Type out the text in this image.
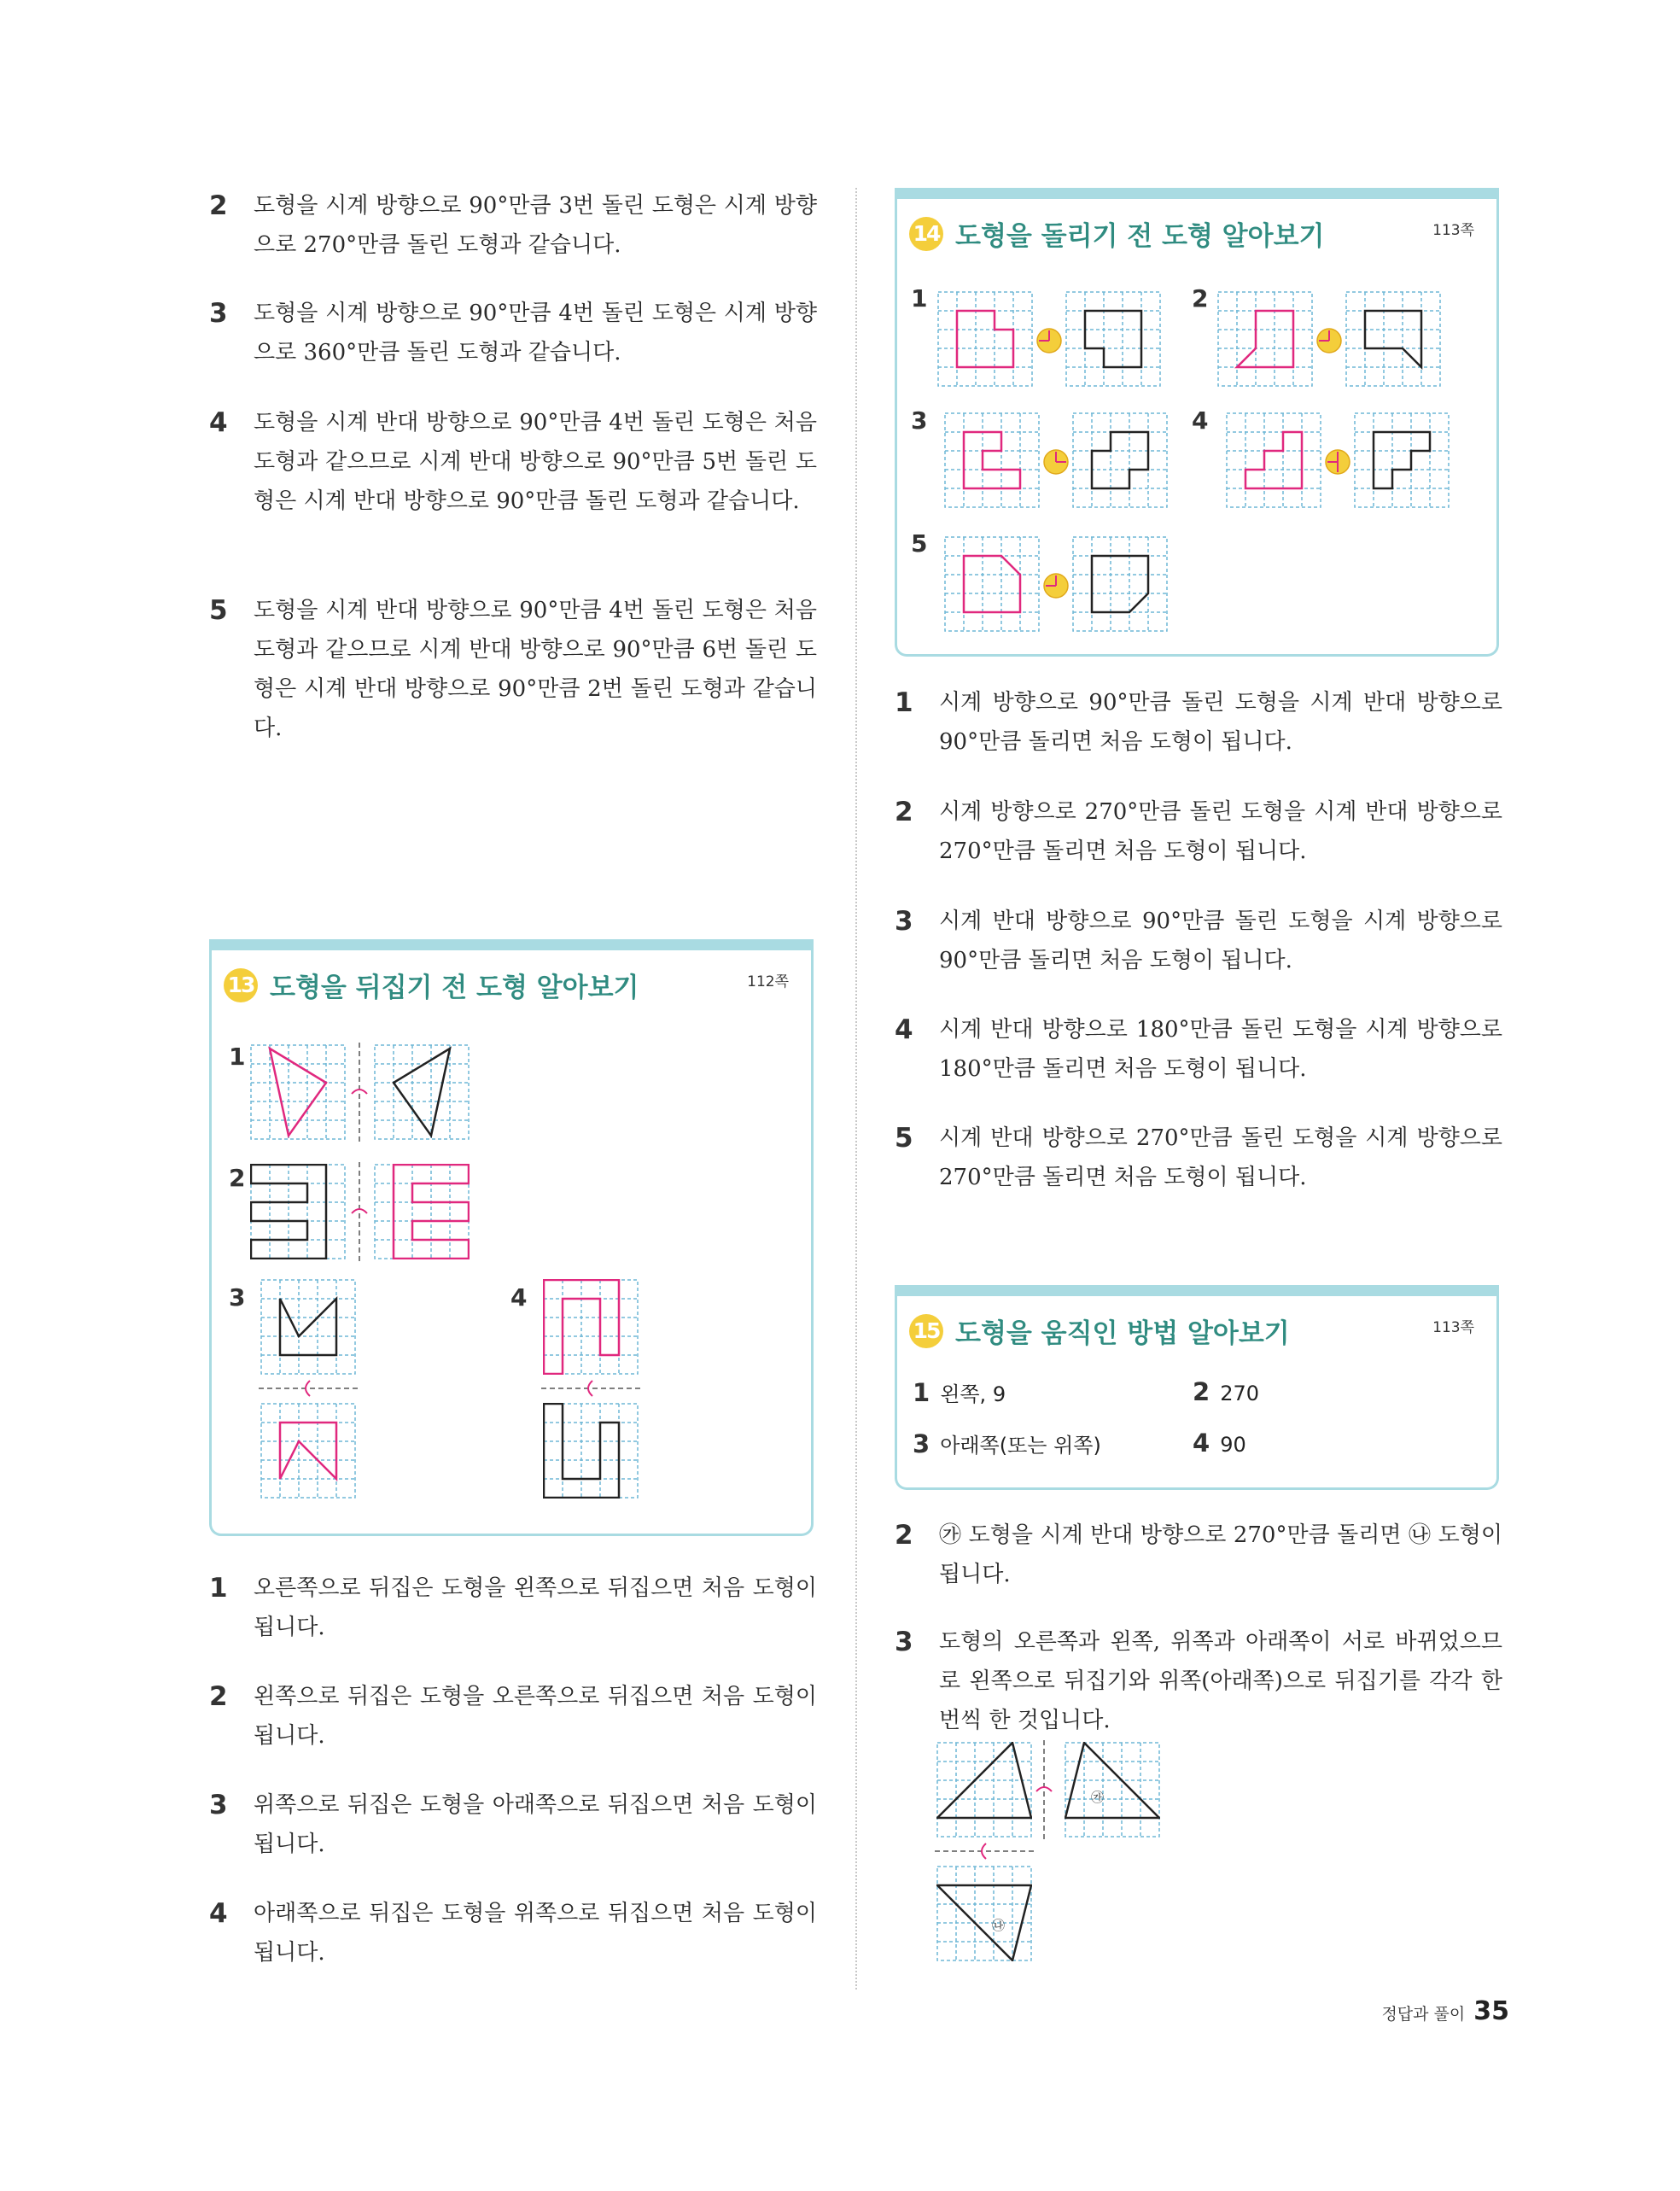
2 도형을 시계 방향으로 90°만큼 3번 돌린 도형은 시계 방향으로 270°만큼 돌린 도형과 같습니다.
3 도형을 시계 방향으로 90°만큼 4번 돌린 도형은 시계 방향으로 360°만큼 돌린 도형과 같습니다.
4 도형을 시계 반대 방향으로 90°만큼 4번 돌린 도형은 처음 도형과 같으므로 시계 반대 방향으로 90°만큼 5번 돌린 도형은 시계 반대 방향으로 90°만큼 돌린 도형과 같습니다.
5 도형을 시계 반대 방향으로 90°만큼 4번 돌린 도형은 처음 도형과 같으므로 시계 반대 방향으로 90°만큼 6번 돌린 도형은 시계 반대 방향으로 90°만큼 2번 돌린 도형과 같습니다.
1 오른쪽으로 뒤집은 도형을 왼쪽으로 뒤집으면 처음 도형이 됩니다.
2 왼쪽으로 뒤집은 도형을 오른쪽으로 뒤집으면 처음 도형이 됩니다.
3 위쪽으로 뒤집은 도형을 아래쪽으로 뒤집으면 처음 도형이 됩니다.
4 아래쪽으로 뒤집은 도형을 위쪽으로 뒤집으면 처음 도형이 됩니다.
13 도형을 뒤집기 전 도형 알아보기	112쪽
1
2
3	4
14 도형을 돌리기 전 도형 알아보기	113쪽
1	2
3	4
5
1 시계 방향으로 90°만큼 돌린 도형을 시계 반대 방향으로 90°만큼 돌리면 처음 도형이 됩니다.
2 시계 방향으로 270°만큼 돌린 도형을 시계 반대 방향으로 270°만큼 돌리면 처음 도형이 됩니다.
3 시계 반대 방향으로 90°만큼 돌린 도형을 시계 방향으로 90°만큼 돌리면 처음 도형이 됩니다.
4 시계 반대 방향으로 180°만큼 돌린 도형을 시계 방향으로 180°만큼 돌리면 처음 도형이 됩니다.
5 시계 반대 방향으로 270°만큼 돌린 도형을 시계 방향으로 270°만큼 돌리면 처음 도형이 됩니다.
2 ㉮ 도형을 시계 반대 방향으로 270°만큼 돌리면 ㉯ 도형이 됩니다.
3 도형의 오른쪽과 왼쪽, 위쪽과 아래쪽이 서로 바뀌었으므로 왼쪽으로 뒤집기와 위쪽(아래쪽)으로 뒤집기를 각각 한 번씩 한 것입니다.
15 도형을 움직인 방법 알아보기	113쪽
1 왼쪽, 9	2 270
3 아래쪽(또는 위쪽)	4 90
㉮
㉯
정답과 풀이 35
